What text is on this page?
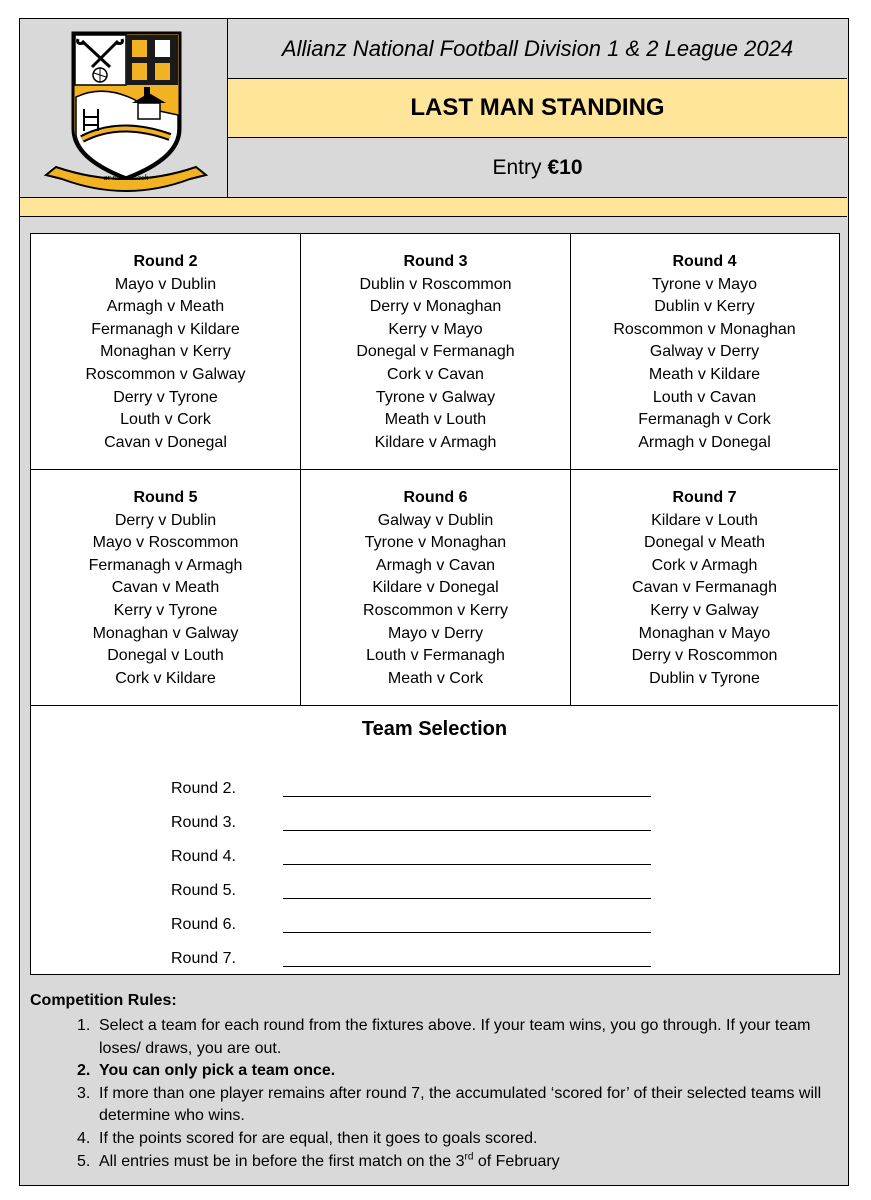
ar na mullach
Allianz National Football Division 1 & 2 League 2024
LAST MAN STANDING
Entry €10
Round 2
Mayo v Dublin
Armagh v Meath
Fermanagh v Kildare
Monaghan v Kerry
Roscommon v Galway
Derry v Tyrone
Louth v Cork
Cavan v Donegal
Round 3
Dublin v Roscommon
Derry v Monaghan
Kerry v Mayo
Donegal v Fermanagh
Cork v Cavan
Tyrone v Galway
Meath v Louth
Kildare v Armagh
Round 4
Tyrone v Mayo
Dublin v Kerry
Roscommon v Monaghan
Galway v Derry
Meath v Kildare
Louth v Cavan
Fermanagh v Cork
Armagh v Donegal
Round 5
Derry v Dublin
Mayo v Roscommon
Fermanagh v Armagh
Cavan v Meath
Kerry v Tyrone
Monaghan v Galway
Donegal v Louth
Cork v Kildare
Round 6
Galway v Dublin
Tyrone v Monaghan
Armagh v Cavan
Kildare v Donegal
Roscommon v Kerry
Mayo v Derry
Louth v Fermanagh
Meath v Cork
Round 7
Kildare v Louth
Donegal v Meath
Cork v Armagh
Cavan v Fermanagh
Kerry v Galway
Monaghan v Mayo
Derry v Roscommon
Dublin v Tyrone
Team Selection
Round 2.
Round 3.
Round 4.
Round 5.
Round 6.
Round 7.
Competition Rules:
1. Select a team for each round from the fixtures above. If your team wins, you go through. If your team loses/ draws, you are out.
2. You can only pick a team once.
3. If more than one player remains after round 7, the accumulated ‘scored for’ of their selected teams will determine who wins.
4. If the points scored for are equal, then it goes to goals scored.
5. All entries must be in before the first match on the 3rd of February
